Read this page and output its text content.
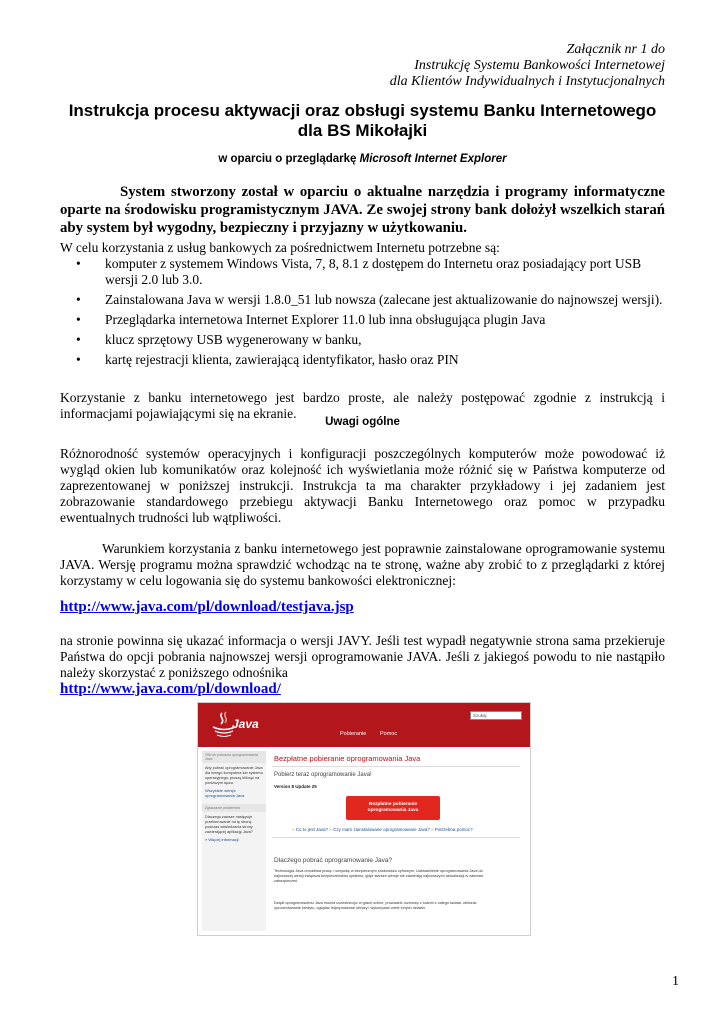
Załącznik nr 1 do
Instrukcję Systemu Bankowości Internetowej
dla Klientów Indywidualnych i Instytucjonalnych
Instrukcja procesu aktywacji oraz obsługi systemu Banku Internetowego
dla BS Mikołajki
w oparciu o przeglądarkę Microsoft Internet Explorer
System stworzony został w oparciu o aktualne narzędzia i programy informatyczne oparte na środowisku programistycznym JAVA. Ze swojej strony bank dołożył wszelkich starań aby system był wygodny, bezpieczny i przyjazny w użytkowaniu.
W celu korzystania z usług bankowych za pośrednictwem Internetu potrzebne są:
• komputer z systemem Windows Vista, 7, 8, 8.1 z dostępem do Internetu oraz posiadający port USB wersji 2.0 lub 3.0.
• Zainstalowana Java w wersji 1.8.0_51 lub nowsza (zalecane jest aktualizowanie do najnowszej wersji).
• Przeglądarka internetowa Internet Explorer 11.0 lub inna obsługująca plugin Java
• klucz sprzętowy USB wygenerowany w banku,
• kartę rejestracji klienta, zawierającą identyfikator, hasło oraz PIN
Korzystanie z banku internetowego jest bardzo proste, ale należy postępować zgodnie z instrukcją i informacjami pojawiającymi się na ekranie.
Uwagi ogólne
Różnorodność systemów operacyjnych i konfiguracji poszczególnych komputerów może powodować iż wygląd okien lub komunikatów oraz kolejność ich wyświetlania może różnić się w Państwa komputerze od zaprezentowanej w poniższej instrukcji. Instrukcja ta ma charakter przykładowy i jej zadaniem jest zobrazowanie standardowego przebiegu aktywacji Banku Internetowego oraz pomoc w przypadku ewentualnych trudności lub wątpliwości.
Warunkiem korzystania z banku internetowego jest poprawnie zainstalowane oprogramowanie systemu JAVA. Wersję programu można sprawdzić wchodząc na te stronę, ważne aby zrobić to z przeglądarki z której korzystamy w celu logowania się do systemu bankowości elektronicznej:
http://www.java.com/pl/download/testjava.jsp
na stronie powinna się ukazać informacja o wersji JAVY. Jeśli test wypadł negatywnie strona sama przekieruje Państwa do opcji pobrania najnowszej wersji oprogramowanie JAVA. Jeśli z jakiegoś powodu to nie nastąpiło należy skorzystać z poniższego odnośnika
http://www.java.com/pl/download/
Java
Pobieranie Pomoc
Szukaj
Pliki do pobrania oprogramowania Java
Aby pobrać oprogramowanie Java dla innego komputera lub systemu operacyjnego, proszę kliknąć na poniższym łączu.
Wszystkie wersje oprogramowania Java
Zgłaszanie problemów
Dlaczego zawsze następuje przekierowanie na tę stronę podczas odwiedzania strony zawierającej aplikację Java?
» Więcej informacji
Bezpłatne pobieranie oprogramowania Java
Pobierz teraz oprogramowanie Java!
Version 8 Update 25
Bezpłatne pobieranie
oprogramowania Java
» Co to jest Java? » Czy mam zainstalowane oprogramowanie Java? » Potrzebna pomoc?
Dlaczego pobrać oprogramowanie Java?
Technologia Java umożliwia pracę i rozrywkę w bezpiecznym środowisku cyfrowym. Uaktualnienie oprogramowania Java do najnowszej wersji zwiększa bezpieczeństwo systemu, gdyż starsze wersje nie zawierają najnowszych aktualizacji w zakresie zabezpieczeń.
Dzięki oprogramowaniu Java można uczestniczyć w grach online, prowadzić rozmowy z ludźmi z całego świata, obliczać oprocentowanie kredytu, oglądać trójwymiarowe obrazy i wykonywać wiele innych działań.
1
